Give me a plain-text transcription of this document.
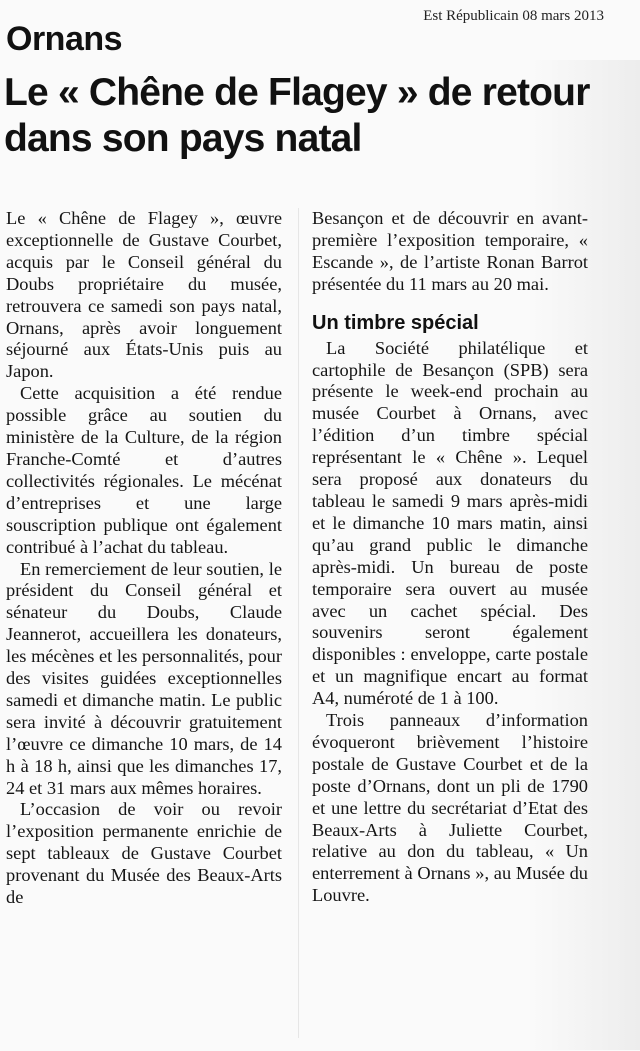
Est Républicain 08 mars 2013
Ornans
Le « Chêne de Flagey » de retour dans son pays natal

Le « Chêne de Flagey », œuvre exceptionnelle de Gustave Courbet, acquis par le Conseil général du Doubs propriétaire du musée, retrouvera ce samedi son pays natal, Ornans, après avoir longuement séjourné aux États-Unis puis au Japon.

Cette acquisition a été rendue possible grâce au soutien du ministère de la Culture, de la région Franche-Comté et d’autres collectivités régionales. Le mécénat d’entreprises et une large souscription publique ont également contribué à l’achat du tableau.

En remerciement de leur soutien, le président du Conseil général et sénateur du Doubs, Claude Jeannerot, accueillera les donateurs, les mécènes et les personnalités, pour des visites guidées exceptionnelles samedi et dimanche matin. Le public sera invité à découvrir gratuitement l’œuvre ce dimanche 10 mars, de 14 h à 18 h, ainsi que les dimanches 17, 24 et 31 mars aux mêmes horaires.

L’occasion de voir ou revoir l’exposition permanente enrichie de sept tableaux de Gustave Courbet provenant du Musée des Beaux-Arts de

Besançon et de découvrir en avant-première l’exposition temporaire, « Escande », de l’artiste Ronan Barrot présentée du 11 mars au 20 mai.

Un timbre spécial

La Société philatélique et cartophile de Besançon (SPB) sera présente le week-end prochain au musée Courbet à Ornans, avec l’édition d’un timbre spécial représentant le « Chêne ». Lequel sera proposé aux donateurs du tableau le samedi 9 mars après-midi et le dimanche 10 mars matin, ainsi qu’au grand public le dimanche après-midi. Un bureau de poste temporaire sera ouvert au musée avec un cachet spécial. Des souvenirs seront également disponibles : enveloppe, carte postale et un magnifique encart au format A4, numéroté de 1 à 100.

Trois panneaux d’information évoqueront brièvement l’histoire postale de Gustave Courbet et de la poste d’Ornans, dont un pli de 1790 et une lettre du secrétariat d’Etat des Beaux-Arts à Juliette Courbet, relative au don du tableau, « Un enterrement à Ornans », au Musée du Louvre.
